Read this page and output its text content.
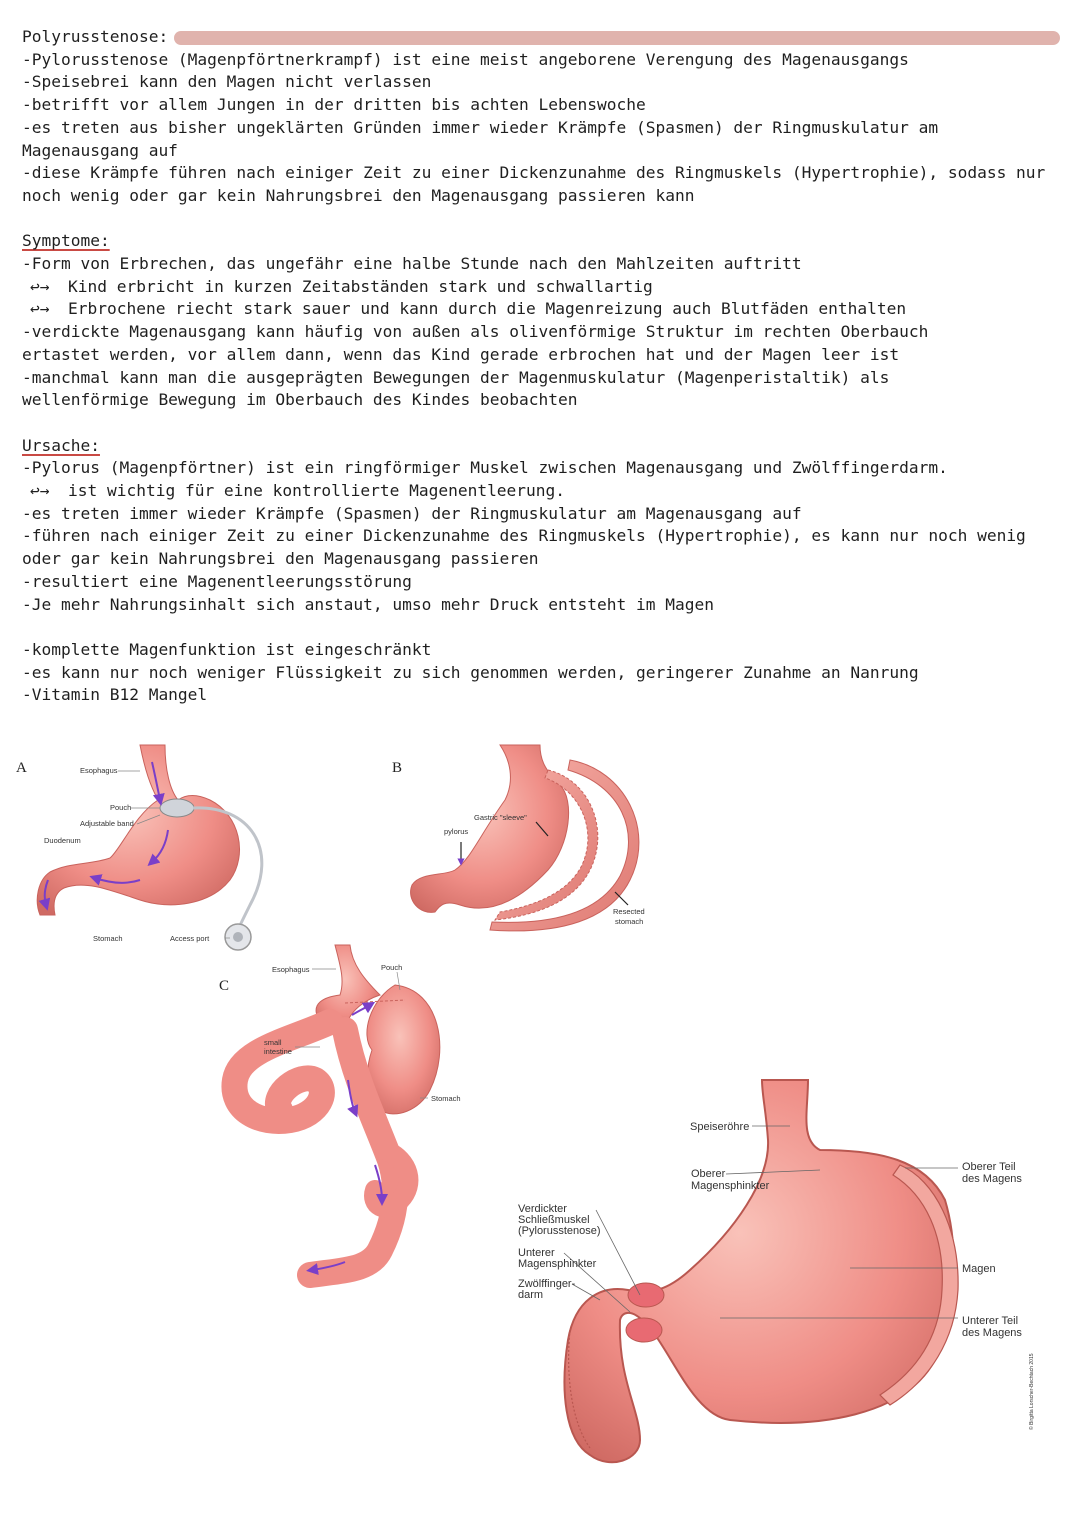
Polyrusstenose:

-Pylorusstenose (Magenpförtnerkrampf) ist eine meist angeborene Verengung des Magenausgangs

-Speisebrei kann den Magen nicht verlassen

-betrifft vor allem Jungen in der dritten bis achten Lebenswoche

-es treten aus bisher ungeklärten Gründen immer wieder Krämpfe (Spasmen) der Ringmuskulatur am

Magenausgang auf

-diese Krämpfe führen nach einiger Zeit zu einer Dickenzunahme des Ringmuskels (Hypertrophie), sodass nur

noch wenig oder gar kein Nahrungsbrei den Magenausgang passieren kann

Symptome:

-Form von Erbrechen, das ungefähr eine halbe Stunde nach den Mahlzeiten auftritt

↩→ Kind erbricht in kurzen Zeitabständen stark und schwallartig

↩→ Erbrochene riecht stark sauer und kann durch die Magenreizung auch Blutfäden enthalten

-verdickte Magenausgang kann häufig von außen als olivenförmige Struktur im rechten Oberbauch

ertastet werden, vor allem dann, wenn das Kind gerade erbrochen hat und der Magen leer ist

-manchmal kann man die ausgeprägten Bewegungen der Magenmuskulatur (Magenperistaltik) als

wellenförmige Bewegung im Oberbauch des Kindes beobachten

Ursache:

-Pylorus (Magenpförtner) ist ein ringförmiger Muskel zwischen Magenausgang und Zwölffingerdarm.

↩→ ist wichtig für eine kontrollierte Magenentleerung.

-es treten immer wieder Krämpfe (Spasmen) der Ringmuskulatur am Magenausgang auf

-führen nach einiger Zeit zu einer Dickenzunahme des Ringmuskels (Hypertrophie), es kann nur noch wenig

oder gar kein Nahrungsbrei den Magenausgang passieren

-resultiert eine Magenentleerungsstörung

-Je mehr Nahrungsinhalt sich anstaut, umso mehr Druck entsteht im Magen

-komplette Magenfunktion ist eingeschränkt

-es kann nur noch weniger Flüssigkeit zu sich genommen werden, geringerer Zunahme an Nanrung

-Vitamin B12 Mangel

A	B
C
Esophagus
Pouch
Adjustable band
Duodenum
Stomach	Access port
Gastric "sleeve"
pylorus
Resected
stomach
Esophagus	Pouch
small
intestine
Stomach
Speiseröhre
Oberer
Magensphinkter
Oberer Teil
des Magens
Verdickter
Schließmuskel
(Pylorusstenose)
Unterer
Magensphinkter
Zwölffinger-
darm
Magen
Unterer Teil
des Magens
© Birgitta Lorscher-Bechtach 2015
